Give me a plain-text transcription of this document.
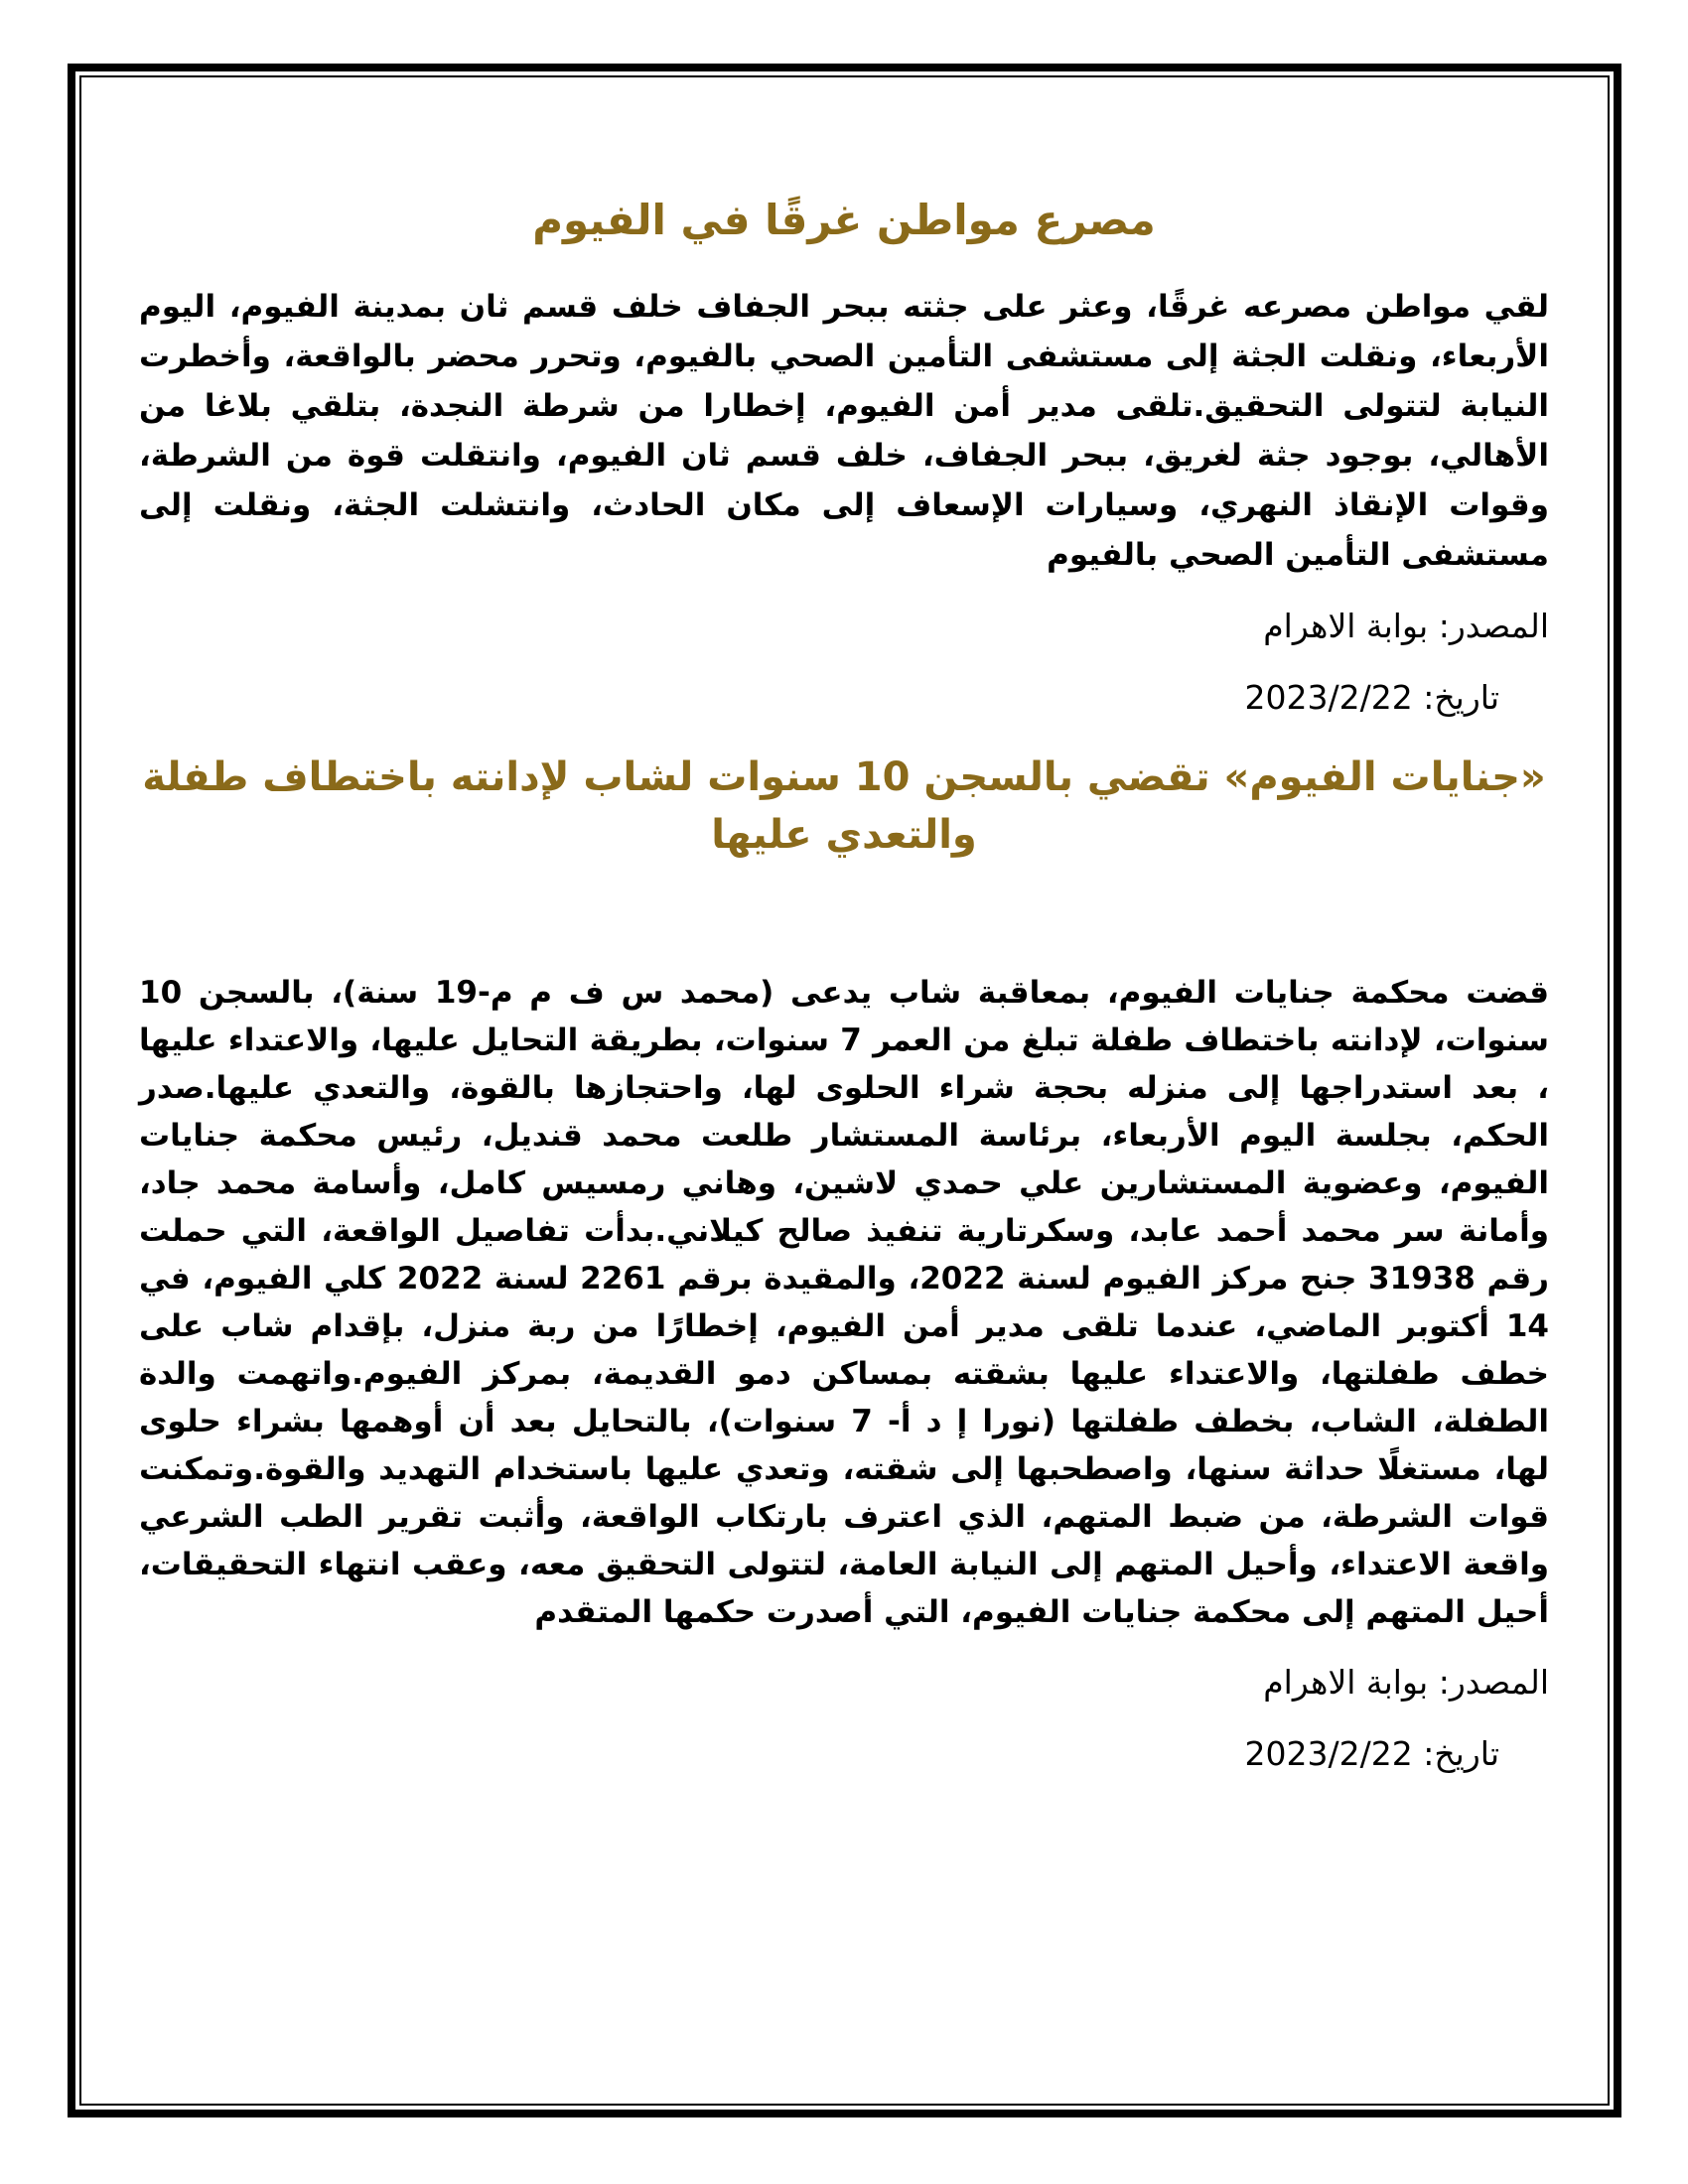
مصرع مواطن غرقًا في الفيوم

لقي مواطن مصرعه غرقًا، وعثر على جثته ببحر الجفاف خلف قسم ثان بمدينة الفيوم، اليوم الأربعاء، ونقلت الجثة إلى مستشفى التأمين الصحي بالفيوم، وتحرر محضر بالواقعة، وأخطرت النيابة لتتولى التحقيق.تلقى مدير أمن الفيوم، إخطارا من شرطة النجدة، بتلقي بلاغا من الأهالي، بوجود جثة لغريق، ببحر الجفاف، خلف قسم ثان الفيوم، وانتقلت قوة من الشرطة، وقوات الإنقاذ النهري، وسيارات الإسعاف إلى مكان الحادث، وانتشلت الجثة، ونقلت إلى مستشفى التأمين الصحي بالفيوم

المصدر: بوابة الاهرام

تاريخ: 2023/2/22

«جنايات الفيوم» تقضي بالسجن 10 سنوات لشاب لإدانته باختطاف طفلة والتعدي عليها

قضت محكمة جنايات الفيوم، بمعاقبة شاب يدعى (محمد س ف م م-19 سنة)، بالسجن 10 سنوات، لإدانته باختطاف طفلة تبلغ من العمر 7 سنوات، بطريقة التحايل عليها، والاعتداء عليها ، بعد استدراجها إلى منزله بحجة شراء الحلوى لها، واحتجازها بالقوة، والتعدي عليها.صدر الحكم، بجلسة اليوم الأربعاء، برئاسة المستشار طلعت محمد قنديل، رئيس محكمة جنايات الفيوم، وعضوية المستشارين علي حمدي لاشين، وهاني رمسيس كامل، وأسامة محمد جاد، وأمانة سر محمد أحمد عابد، وسكرتارية تنفيذ صالح كيلاني.بدأت تفاصيل الواقعة، التي حملت رقم 31938 جنح مركز الفيوم لسنة 2022، والمقيدة برقم 2261 لسنة 2022 كلي الفيوم، في 14 أكتوبر الماضي، عندما تلقى مدير أمن الفيوم، إخطارًا من ربة منزل، بإقدام شاب على خطف طفلتها، والاعتداء عليها بشقته بمساكن دمو القديمة، بمركز الفيوم.واتهمت والدة الطفلة، الشاب، بخطف طفلتها (نورا إ د أ- 7 سنوات)، بالتحايل بعد أن أوهمها بشراء حلوى لها، مستغلًا حداثة سنها، واصطحبها إلى شقته، وتعدي عليها باستخدام التهديد والقوة.وتمكنت قوات الشرطة، من ضبط المتهم، الذي اعترف بارتكاب الواقعة، وأثبت تقرير الطب الشرعي واقعة الاعتداء، وأحيل المتهم إلى النيابة العامة، لتتولى التحقيق معه، وعقب انتهاء التحقيقات، أحيل المتهم إلى محكمة جنايات الفيوم، التي أصدرت حكمها المتقدم

المصدر: بوابة الاهرام

تاريخ: 2023/2/22
